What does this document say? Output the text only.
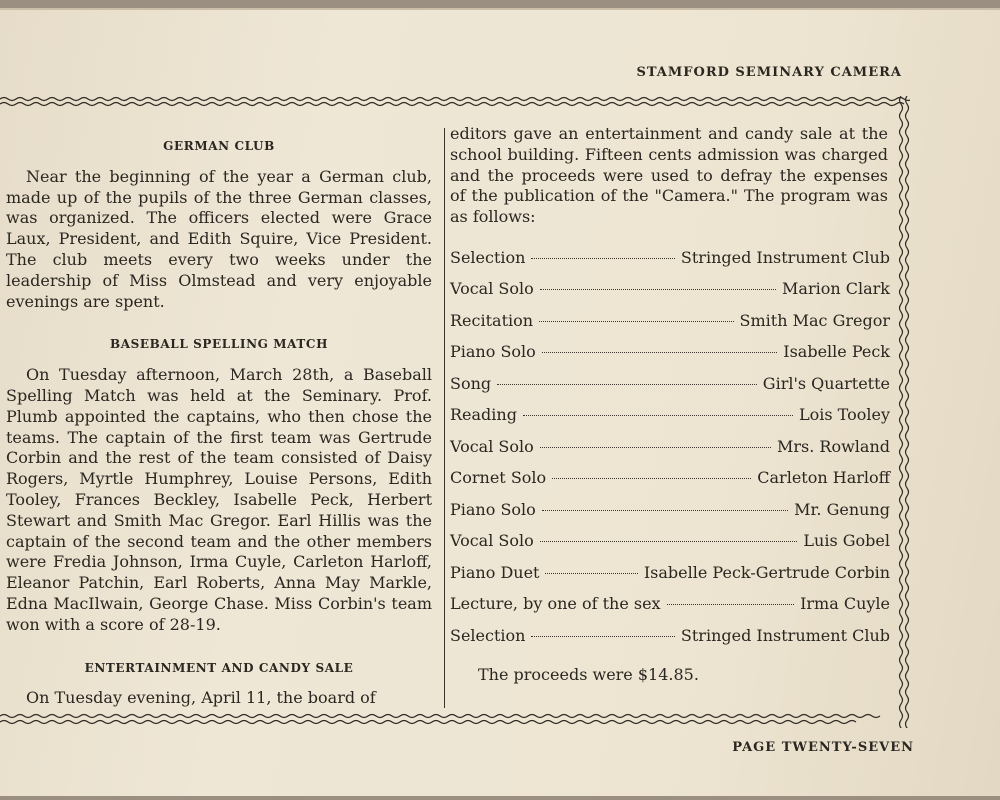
STAMFORD SEMINARY CAMERA

GERMAN CLUB

Near the beginning of the year a German club, made up of the pupils of the three German classes, was organized. The officers elected were Grace Laux, President, and Edith Squire, Vice President. The club meets every two weeks under the leadership of Miss Olmstead and very enjoyable evenings are spent.

BASEBALL SPELLING MATCH

On Tuesday afternoon, March 28th, a Baseball Spelling Match was held at the Seminary. Prof. Plumb appointed the captains, who then chose the teams. The captain of the first team was Gertrude Corbin and the rest of the team consisted of Daisy Rogers, Myrtle Humphrey, Louise Persons, Edith Tooley, Frances Beckley, Isabelle Peck, Herbert Stewart and Smith Mac Gregor. Earl Hillis was the captain of the second team and the other members were Fredia Johnson, Irma Cuyle, Carleton Harloff, Eleanor Patchin, Earl Roberts, Anna May Markle, Edna MacIlwain, George Chase. Miss Corbin's team won with a score of 28-19.

ENTERTAINMENT AND CANDY SALE

On Tuesday evening, April 11, the board of

editors gave an entertainment and candy sale at the school building. Fifteen cents admission was charged and the proceeds were used to defray the expenses of the publication of the "Camera." The program was as follows:

Selection	Stringed Instrument Club
Vocal Solo	Marion Clark
Recitation	Smith Mac Gregor
Piano Solo	Isabelle Peck
Song	Girl's Quartette
Reading	Lois Tooley
Vocal Solo	Mrs. Rowland
Cornet Solo	Carleton Harloff
Piano Solo	Mr. Genung
Vocal Solo	Luis Gobel
Piano Duet	Isabelle Peck-Gertrude Corbin
Lecture, by one of the sex	Irma Cuyle
Selection	Stringed Instrument Club

The proceeds were $14.85.

PAGE TWENTY-SEVEN
